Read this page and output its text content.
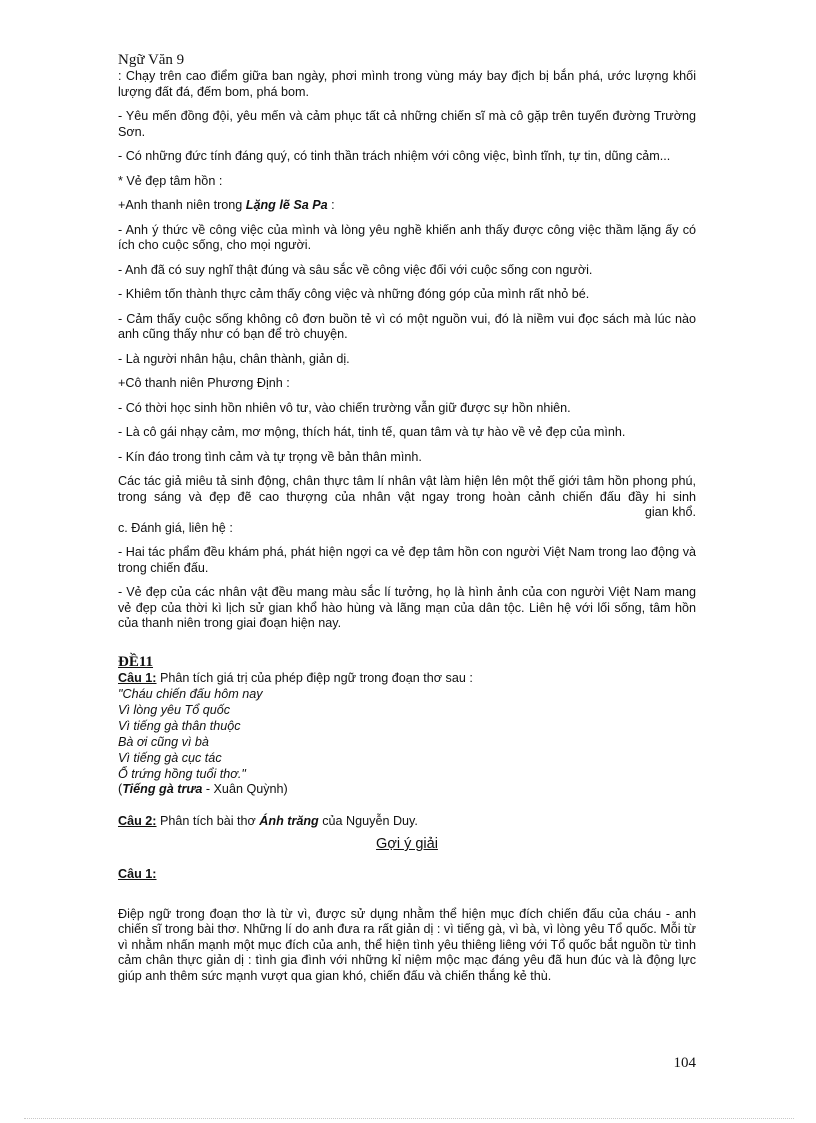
Ngữ Văn 9

: Chạy trên cao điểm giữa ban ngày, phơi mình trong vùng máy bay địch bị bắn phá, ước lượng khối lượng đất đá, đếm bom, phá bom.

- Yêu mến đồng đội, yêu mến và cảm phục tất cả những chiến sĩ mà cô gặp trên tuyến đường Trường Sơn.

- Có những đức tính đáng quý, có tinh thần trách nhiệm với công việc, bình tĩnh, tự tin, dũng cảm...

* Vẻ đẹp tâm hồn :

+Anh thanh niên trong Lặng lẽ Sa Pa :

- Anh ý thức về công việc của mình và lòng yêu nghề khiến anh thấy được công việc thầm lặng ấy có ích cho cuộc sống, cho mọi người.

- Anh đã có suy nghĩ thật đúng và sâu sắc về công việc đối với cuộc sống con người.

- Khiêm tốn thành thực cảm thấy công việc và những đóng góp của mình rất nhỏ bé.

- Cảm thấy cuộc sống không cô đơn buồn tẻ vì có một nguồn vui, đó là niềm vui đọc sách mà lúc nào anh cũng thấy như có bạn để trò chuyện.

- Là người nhân hậu, chân thành, giản dị.

+Cô thanh niên Phương Định :

- Có thời học sinh hồn nhiên vô tư, vào chiến trường vẫn giữ được sự hồn nhiên.

- Là cô gái nhạy cảm, mơ mộng, thích hát, tinh tế, quan tâm và tự hào về vẻ đẹp của mình.

- Kín đáo trong tình cảm và tự trọng về bản thân mình.

Các tác giả miêu tả sinh động, chân thực tâm lí nhân vật làm hiện lên một thế giới tâm hồn phong phú, trong sáng và đẹp đẽ cao thượng của nhân vật ngay trong hoàn cảnh chiến đấu đầy hi sinh
gian khổ.

c. Đánh giá, liên hệ :

- Hai tác phẩm đều khám phá, phát hiện ngợi ca vẻ đẹp tâm hồn con người Việt Nam trong lao động và trong chiến đấu.

- Vẻ đẹp của các nhân vật đều mang màu sắc lí tưởng, họ là hình ảnh của con người Việt Nam mang vẻ đẹp của thời kì lịch sử gian khổ hào hùng và lãng mạn của dân tộc. Liên hệ với lối sống, tâm hồn của thanh niên trong giai đoạn hiện nay.

ĐỀ11
Câu 1: Phân tích giá trị của phép điệp ngữ trong đoạn thơ sau :
"Cháu chiến đấu hôm nay
Vì lòng yêu Tổ quốc
Vì tiếng gà thân thuộc
Bà ơi cũng vì bà
Vì tiếng gà cục tác
Ổ trứng hồng tuổi thơ."
(Tiếng gà trưa - Xuân Quỳnh)
Câu 2: Phân tích bài thơ Ánh trăng của Nguyễn Duy.
Gợi ý giải
Câu 1:

Điệp ngữ trong đoạn thơ là từ vì, được sử dụng nhằm thể hiện mục đích chiến đấu của cháu - anh chiến sĩ trong bài thơ. Những lí do anh đưa ra rất giản dị : vì tiếng gà, vì bà, vì lòng yêu Tổ quốc. Mỗi từ vì nhằm nhấn mạnh một mục đích của anh, thể hiện tình yêu thiêng liêng với Tổ quốc bắt nguồn từ tình cảm chân thực giản dị : tình gia đình với những kỉ niệm mộc mạc đáng yêu đã hun đúc và là động lực giúp anh thêm sức mạnh vượt qua gian khó, chiến đấu và chiến thắng kẻ thù.

104
